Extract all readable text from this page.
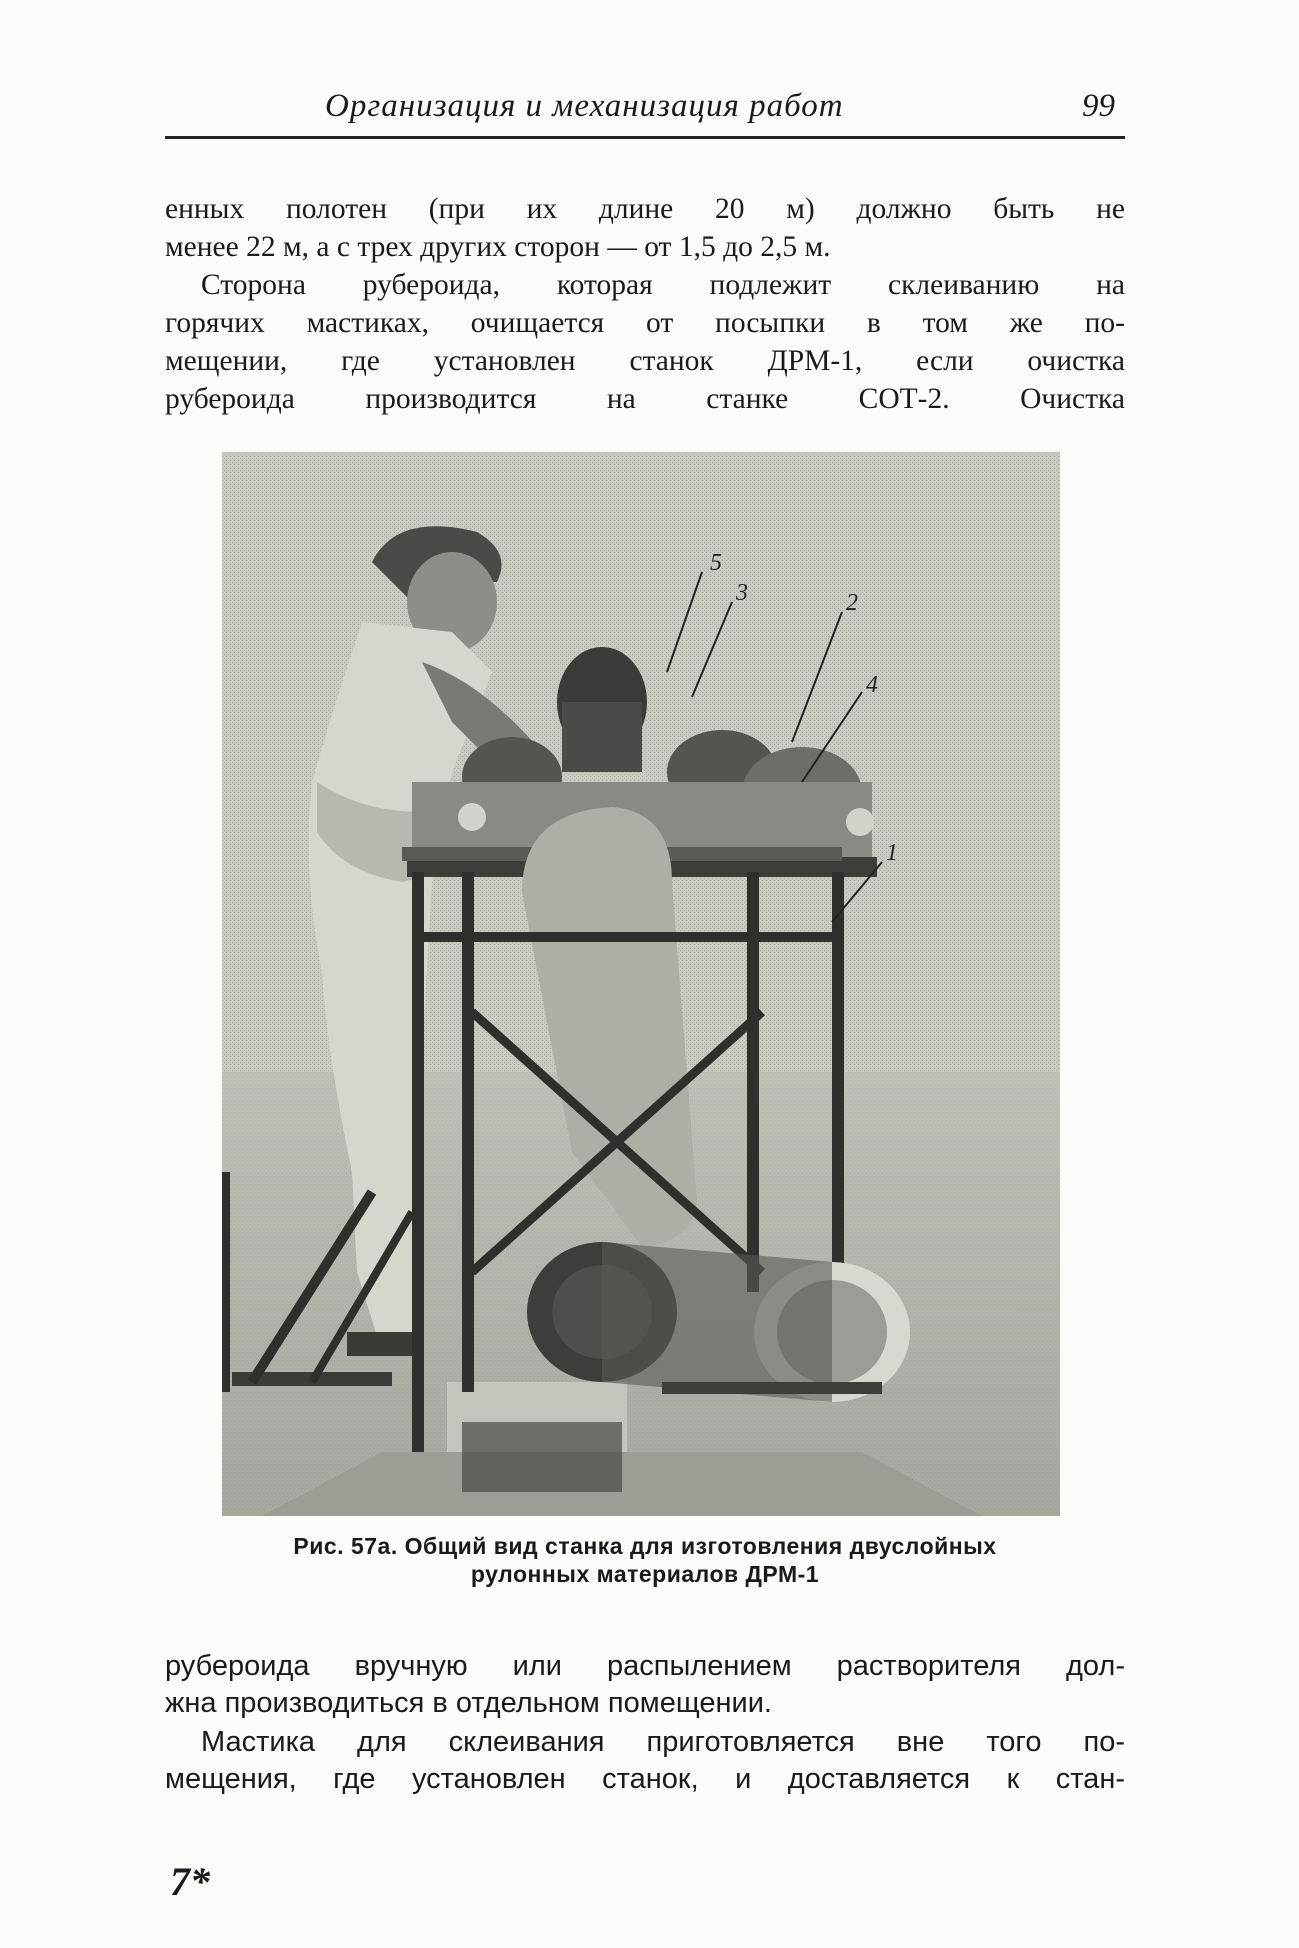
Организация и механизация работ	99
енных полотен (при их длине 20 м) должно быть не
менее 22 м, а с трех других сторон — от 1,5 до 2,5 м.
Сторона рубероида, которая подлежит склеиванию на
горячих мастиках, очищается от посыпки в том же по-
мещении, где установлен станок ДРМ-1, если очистка
рубероида производится на станке СОТ-2. Очистка
5
3	2
4
1
Рис. 57а. Общий вид станка для изготовления двуслойных
рулонных материалов ДРМ-1
рубероида вручную или распылением растворителя дол-
жна производиться в отдельном помещении.
Мастика для склеивания приготовляется вне того по-
мещения, где установлен станок, и доставляется к стан-
7*
